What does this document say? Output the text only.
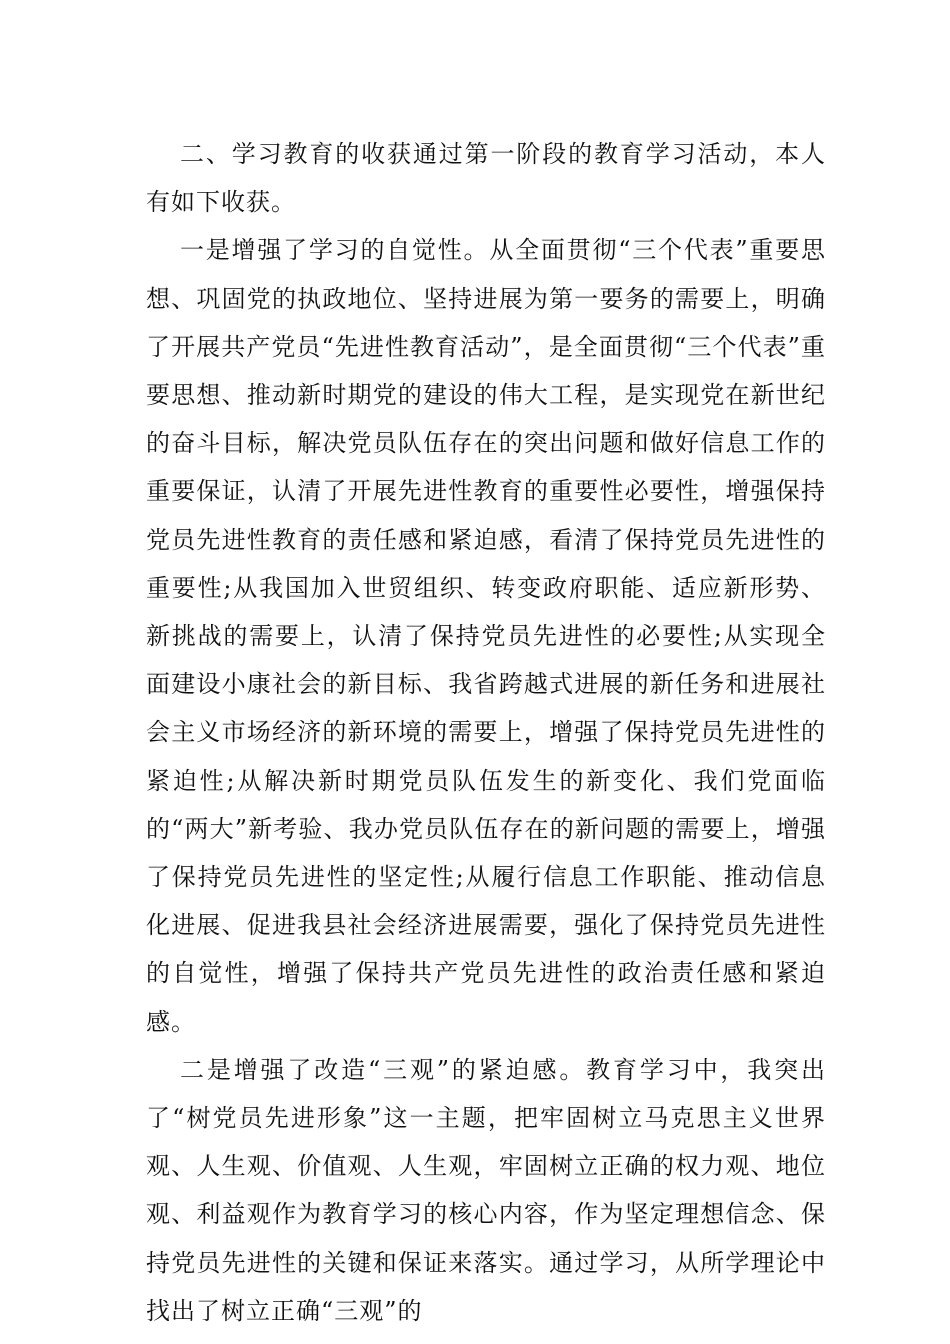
二、学习教育的收获通过第一阶段的教育学习活动，本人有如下收获。

一是增强了学习的自觉性。从全面贯彻“三个代表”重要思想、巩固党的执政地位、坚持进展为第一要务的需要上，明确了开展共产党员“先进性教育活动”，是全面贯彻“三个代表”重要思想、推动新时期党的建设的伟大工程，是实现党在新世纪的奋斗目标，解决党员队伍存在的突出问题和做好信息工作的重要保证，认清了开展先进性教育的重要性必要性，增强保持党员先进性教育的责任感和紧迫感，看清了保持党员先进性的重要性;从我国加入世贸组织、转变政府职能、适应新形势、新挑战的需要上，认清了保持党员先进性的必要性;从实现全面建设小康社会的新目标、我省跨越式进展的新任务和进展社会主义市场经济的新环境的需要上，增强了保持党员先进性的紧迫性;从解决新时期党员队伍发生的新变化、我们党面临的“两大”新考验、我办党员队伍存在的新问题的需要上，增强了保持党员先进性的坚定性;从履行信息工作职能、推动信息化进展、促进我县社会经济进展需要，强化了保持党员先进性的自觉性，增强了保持共产党员先进性的政治责任感和紧迫感。

二是增强了改造“三观”的紧迫感。教育学习中，我突出了“树党员先进形象”这一主题，把牢固树立马克思主义世界观、人生观、价值观、人生观，牢固树立正确的权力观、地位观、利益观作为教育学习的核心内容，作为坚定理想信念、保持党员先进性的关键和保证来落实。通过学习，从所学理论中找出了树立正确“三观”的
